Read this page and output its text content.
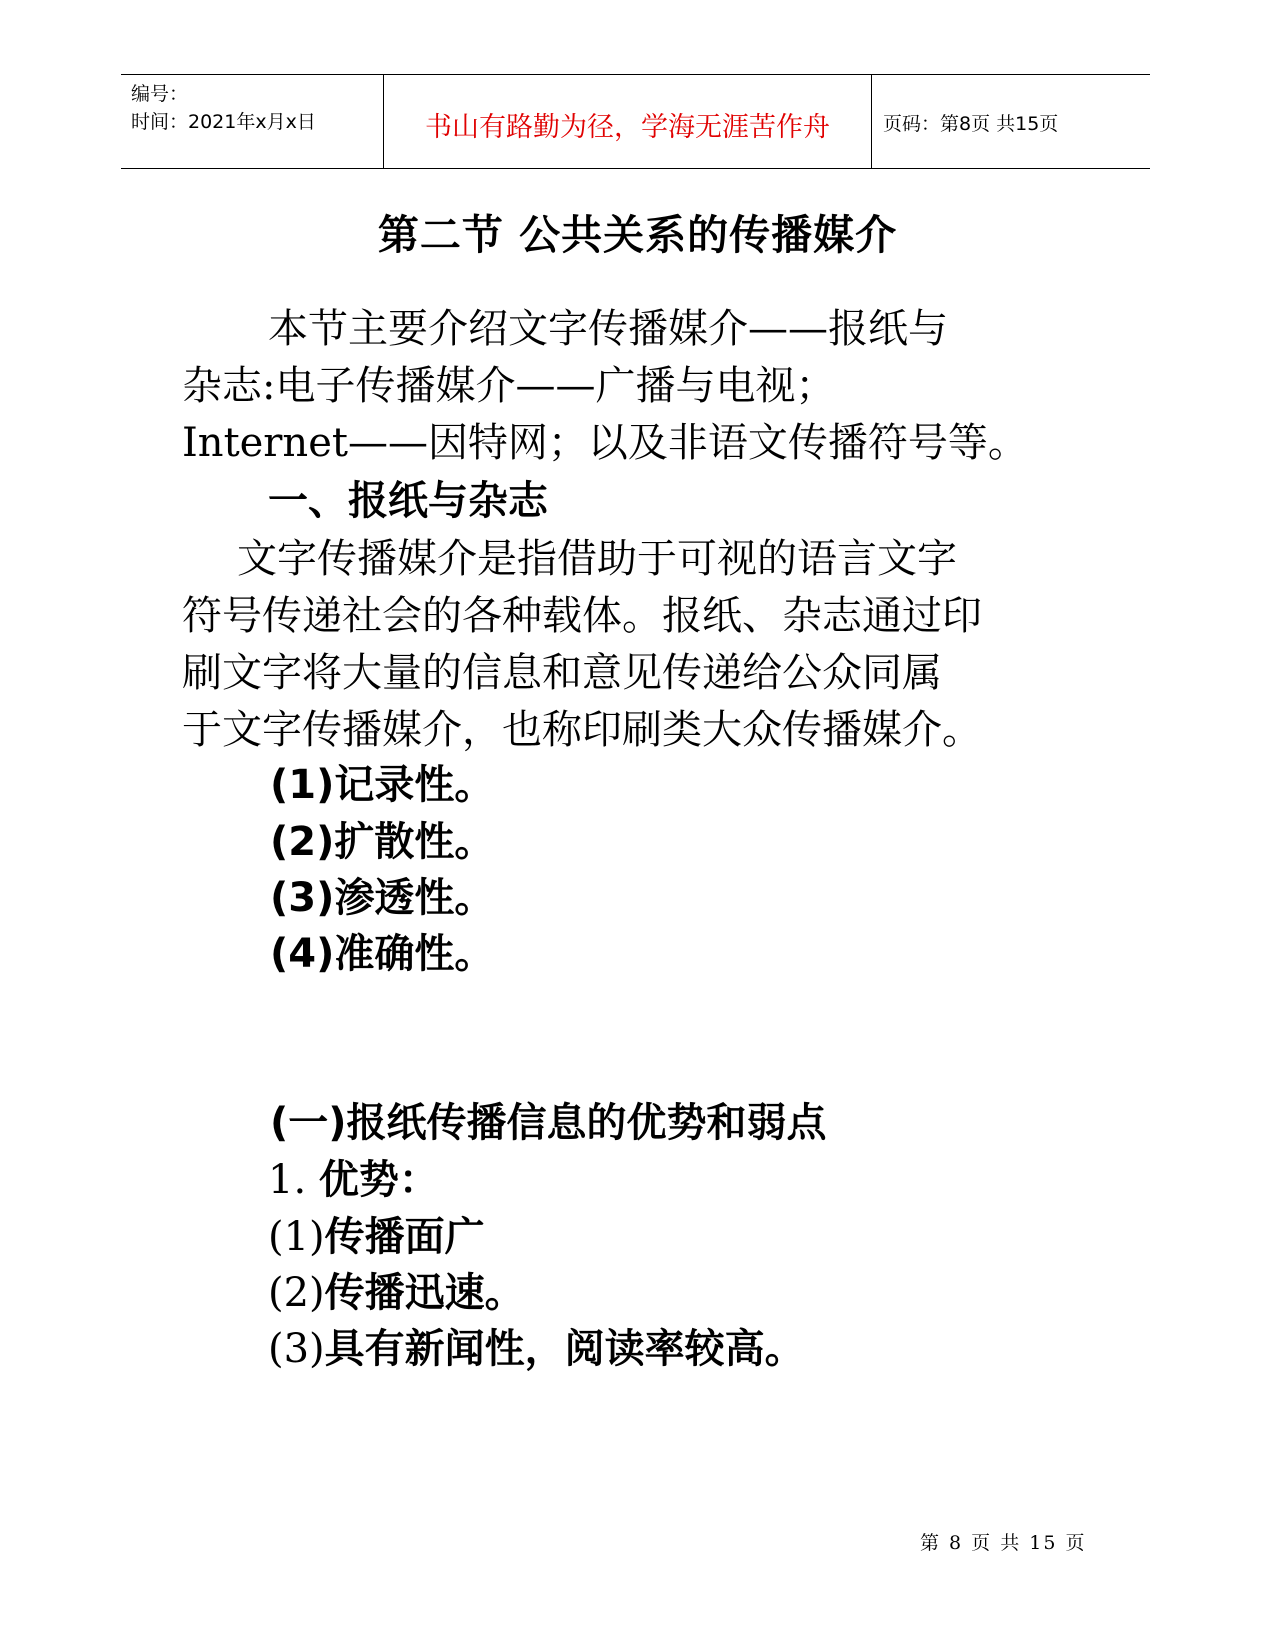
编号：
时间：2021年x月x日	书山有路勤为径，学海无涯苦作舟	页码：第8页 共15页
第二节 公共关系的传播媒介
本节主要介绍文字传播媒介——报纸与
杂志:电子传播媒介——广播与电视；
Internet——因特网；以及非语文传播符号等。
一、报纸与杂志
文字传播媒介是指借助于可视的语言文字
符号传递社会的各种载体。报纸、杂志通过印
刷文字将大量的信息和意见传递给公众同属
于文字传播媒介，也称印刷类大众传播媒介。
(1)记录性。
(2)扩散性。
(3)渗透性。
(4)准确性。
(一)报纸传播信息的优势和弱点
1. 优势：
(1)传播面广
(2)传播迅速。
(3)具有新闻性，阅读率较高。
第 8 页 共 15 页
